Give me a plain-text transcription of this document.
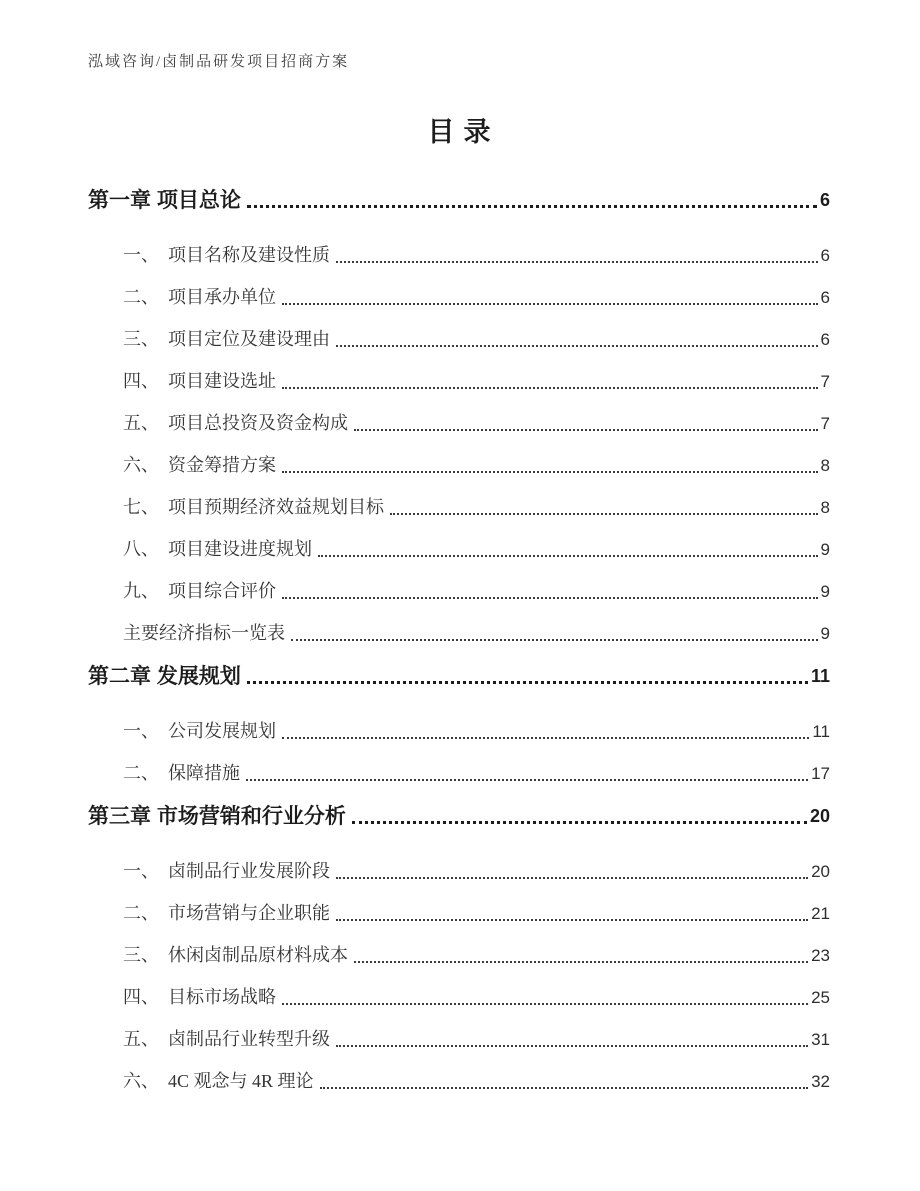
泓域咨询/卤制品研发项目招商方案
目录
第一章 项目总论	6
一、 项目名称及建设性质	6
二、 项目承办单位	6
三、 项目定位及建设理由	6
四、 项目建设选址	7
五、 项目总投资及资金构成	7
六、 资金筹措方案	8
七、 项目预期经济效益规划目标	8
八、 项目建设进度规划	9
九、 项目综合评价	9
主要经济指标一览表	9
第二章 发展规划	11
一、 公司发展规划	11
二、 保障措施	17
第三章 市场营销和行业分析	20
一、 卤制品行业发展阶段	20
二、 市场营销与企业职能	21
三、 休闲卤制品原材料成本	23
四、 目标市场战略	25
五、 卤制品行业转型升级	31
六、 4C 观念与 4R 理论	32
